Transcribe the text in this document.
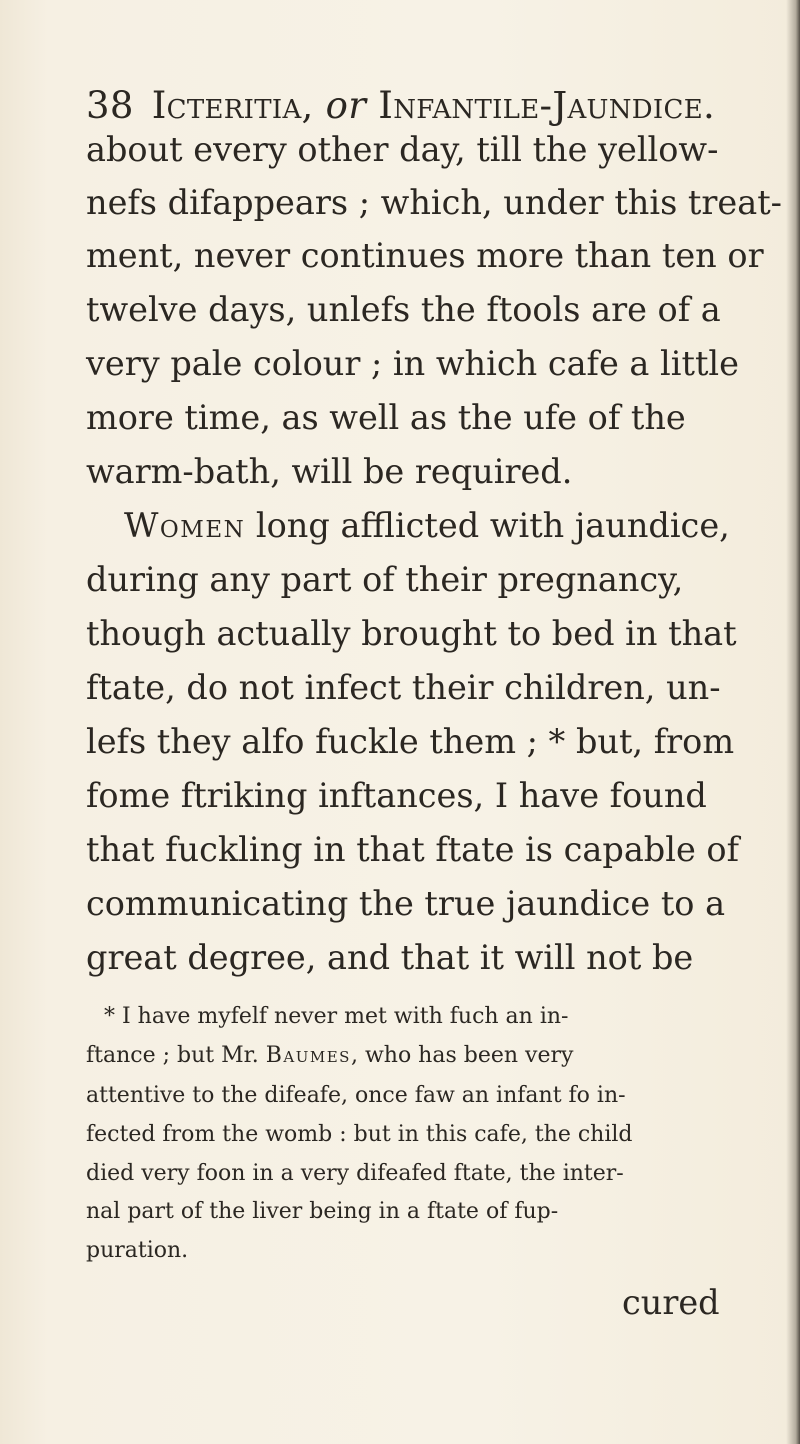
38 Icteritia, or Infantile-Jaundice.
about every other day, till the yellow-
nefs difappears ; which, under this treat-
ment, never continues more than ten or
twelve days, unlefs the ftools are of a
very pale colour ; in which cafe a little
more time, as well as the ufe of the
warm-bath, will be required.
Women long afflicted with jaundice,
during any part of their pregnancy,
though actually brought to bed in that
ftate, do not infect their children, un-
lefs they alfo fuckle them ; * but, from
fome ftriking inftances, I have found
that fuckling in that ftate is capable of
communicating the true jaundice to a
great degree, and that it will not be
* I have myfelf never met with fuch an in-
ftance ; but Mr. Baumes, who has been very
attentive to the difeafe, once faw an infant fo in-
fected from the womb : but in this cafe, the child
died very foon in a very difeafed ftate, the inter-
nal part of the liver being in a ftate of fup-
puration.
cured
